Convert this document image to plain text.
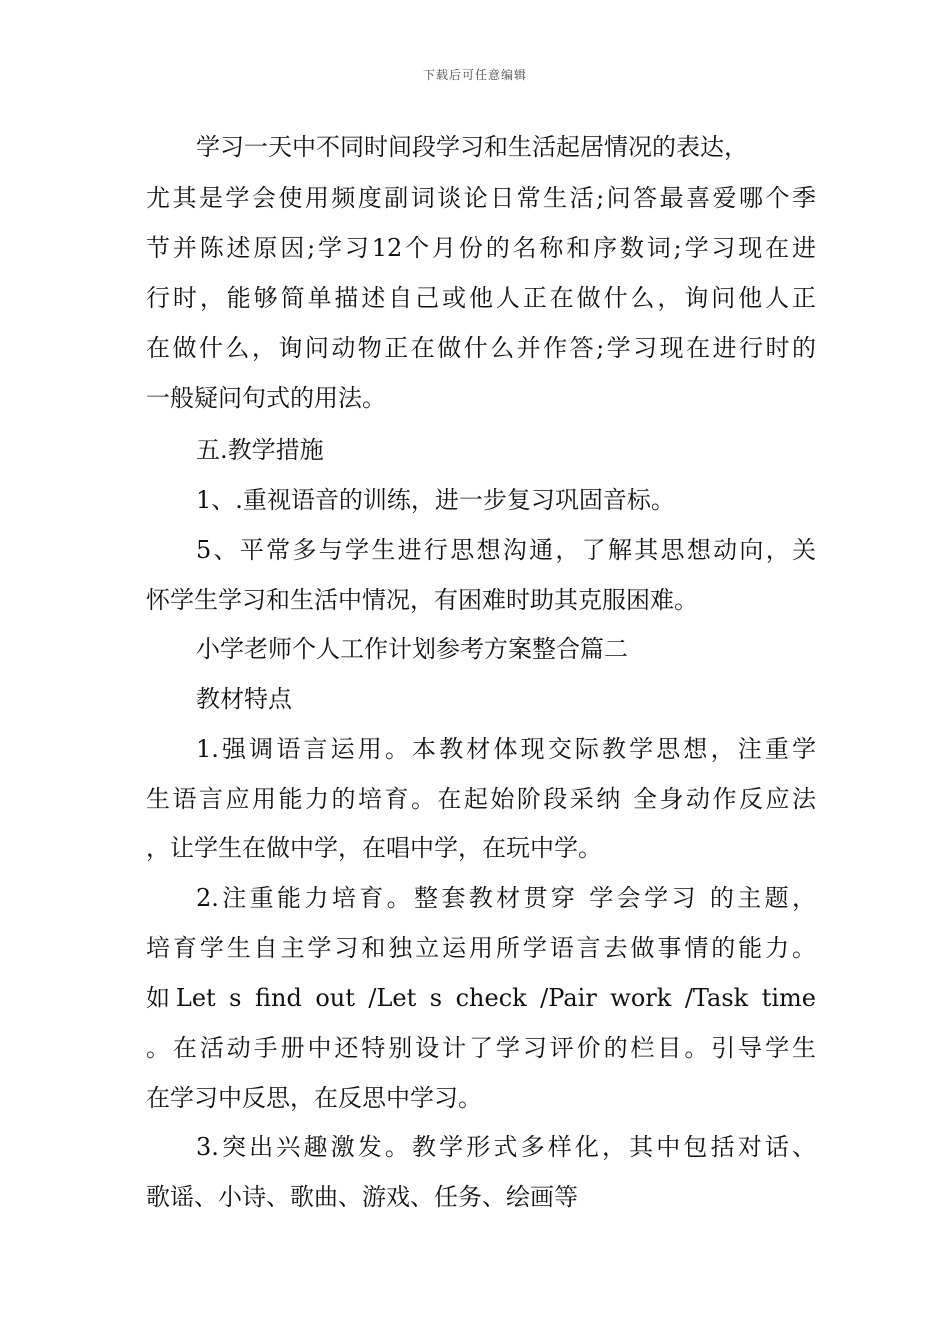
下载后可任意编辑
学习一天中不同时间段学习和生活起居情况的表达，
尤其是学会使用频度副词谈论日常生活;问答最喜爱哪个季
节并陈述原因;学习12个月份的名称和序数词;学习现在进
行时，能够简单描述自己或他人正在做什么，询问他人正
在做什么，询问动物正在做什么并作答;学习现在进行时的
一般疑问句式的用法。
五.教学措施
1、.重视语音的训练，进一步复习巩固音标。
5、平常多与学生进行思想沟通，了解其思想动向，关
怀学生学习和生活中情况，有困难时助其克服困难。
小学老师个人工作计划参考方案整合篇二
教材特点
1.强调语言运用。本教材体现交际教学思想，注重学
生语言应用能力的培育。在起始阶段采纳 全身动作反应法
，让学生在做中学，在唱中学，在玩中学。
2.注重能力培育。整套教材贯穿 学会学习 的主题，
培育学生自主学习和独立运用所学语言去做事情的能力。
如Let s find out /Let s check /Pair work /Task time
。在活动手册中还特别设计了学习评价的栏目。引导学生
在学习中反思，在反思中学习。
3.突出兴趣激发。教学形式多样化，其中包括对话、
歌谣、小诗、歌曲、游戏、任务、绘画等
